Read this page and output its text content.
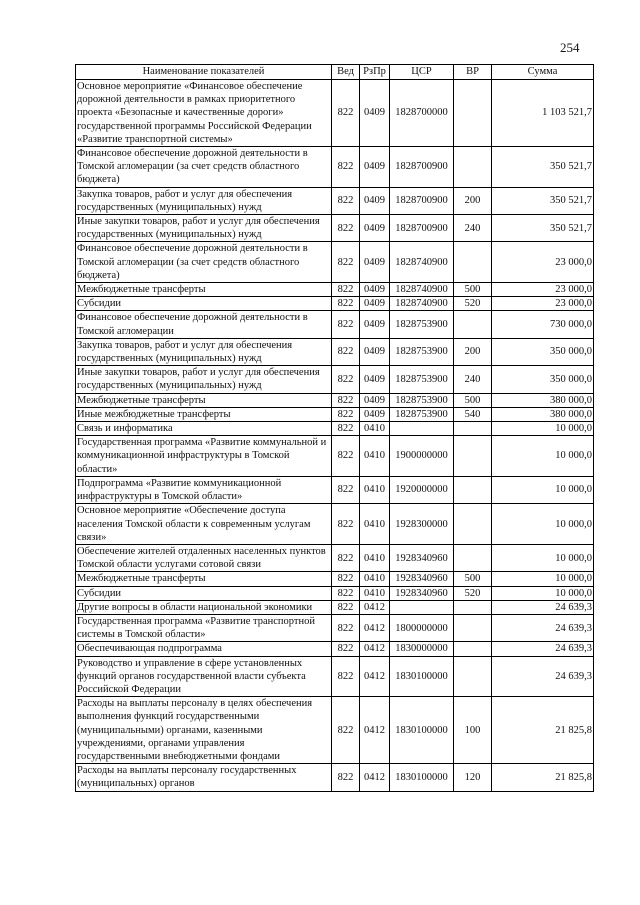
254
Наименование показателей	Вед	РзПр	ЦСР	ВР	Сумма
Основное мероприятие «Финансовое обеспечение дорожной деятельности в рамках приоритетного проекта «Безопасные и качественные дороги» государственной программы Российской Федерации «Развитие транспортной системы»	822	0409	1828700000		1 103 521,7
Финансовое обеспечение дорожной деятельности в Томской агломерации (за счет средств областного бюджета)	822	0409	1828700900		350 521,7
Закупка товаров, работ и услуг для обеспечения государственных (муниципальных) нужд	822	0409	1828700900	200	350 521,7
Иные закупки товаров, работ и услуг для обеспечения государственных (муниципальных) нужд	822	0409	1828700900	240	350 521,7
Финансовое обеспечение дорожной деятельности в Томской агломерации (за счет средств областного бюджета)	822	0409	1828740900		23 000,0
Межбюджетные трансферты	822	0409	1828740900	500	23 000,0
Субсидии	822	0409	1828740900	520	23 000,0
Финансовое обеспечение дорожной деятельности в Томской агломерации	822	0409	1828753900		730 000,0
Закупка товаров, работ и услуг для обеспечения государственных (муниципальных) нужд	822	0409	1828753900	200	350 000,0
Иные закупки товаров, работ и услуг для обеспечения государственных (муниципальных) нужд	822	0409	1828753900	240	350 000,0
Межбюджетные трансферты	822	0409	1828753900	500	380 000,0
Иные межбюджетные трансферты	822	0409	1828753900	540	380 000,0
Связь и информатика	822	0410			10 000,0
Государственная программа «Развитие коммунальной и коммуникационной инфраструктуры в Томской области»	822	0410	1900000000		10 000,0
Подпрограмма «Развитие коммуникационной инфраструктуры в Томской области»	822	0410	1920000000		10 000,0
Основное мероприятие «Обеспечение доступа населения Томской области к современным услугам связи»	822	0410	1928300000		10 000,0
Обеспечение жителей отдаленных населенных пунктов Томской области услугами сотовой связи	822	0410	1928340960		10 000,0
Межбюджетные трансферты	822	0410	1928340960	500	10 000,0
Субсидии	822	0410	1928340960	520	10 000,0
Другие вопросы в области национальной экономики	822	0412			24 639,3
Государственная программа «Развитие транспортной системы в Томской области»	822	0412	1800000000		24 639,3
Обеспечивающая подпрограмма	822	0412	1830000000		24 639,3
Руководство и управление в сфере установленных функций органов государственной власти субъекта Российской Федерации	822	0412	1830100000		24 639,3
Расходы на выплаты персоналу в целях обеспечения выполнения функций государственными (муниципальными) органами, казенными учреждениями, органами управления государственными внебюджетными фондами	822	0412	1830100000	100	21 825,8
Расходы на выплаты персоналу государственных (муниципальных) органов	822	0412	1830100000	120	21 825,8
